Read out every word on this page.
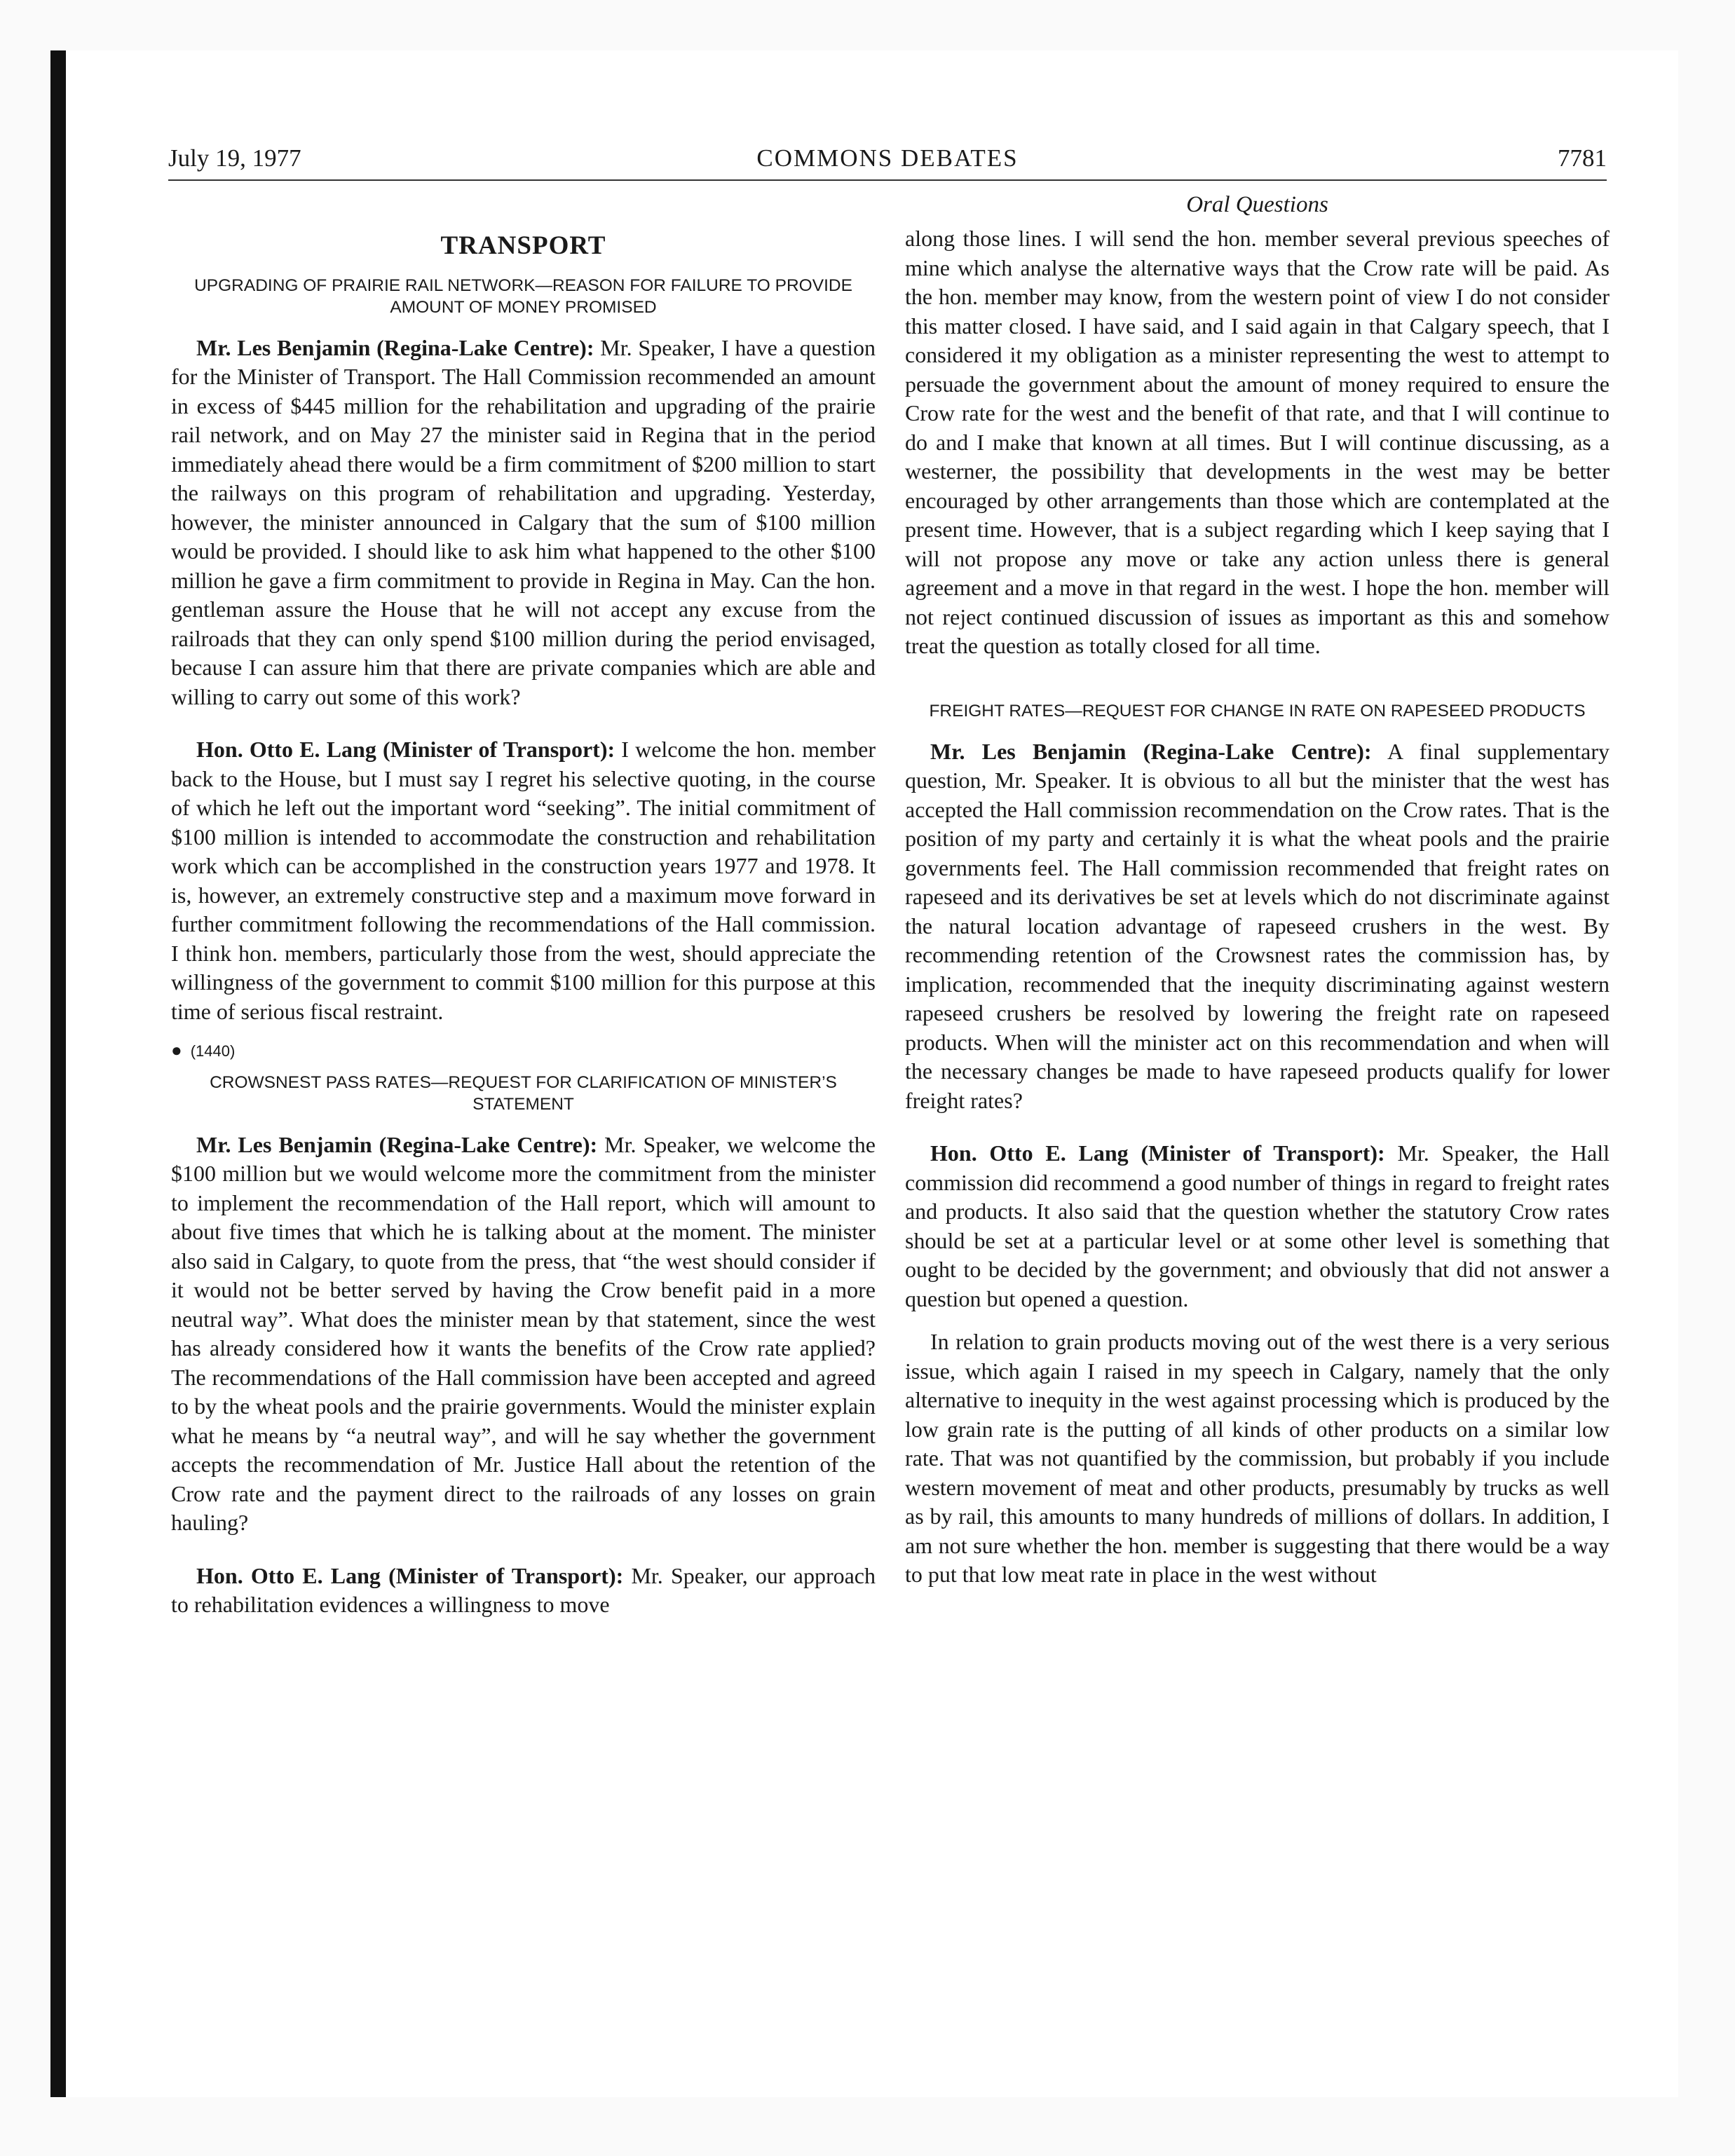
July 19, 1977	COMMONS DEBATES	7781
TRANSPORT
UPGRADING OF PRAIRIE RAIL NETWORK—REASON FOR FAILURE TO PROVIDE AMOUNT OF MONEY PROMISED

Mr. Les Benjamin (Regina-Lake Centre): Mr. Speaker, I have a question for the Minister of Transport. The Hall Commission recommended an amount in excess of $445 million for the rehabilitation and upgrading of the prairie rail network, and on May 27 the minister said in Regina that in the period immediately ahead there would be a firm commitment of $200 million to start the railways on this program of rehabilitation and upgrading. Yesterday, however, the minister announced in Calgary that the sum of $100 million would be provided. I should like to ask him what happened to the other $100 million he gave a firm commitment to provide in Regina in May. Can the hon. gentleman assure the House that he will not accept any excuse from the railroads that they can only spend $100 million during the period envisaged, because I can assure him that there are private companies which are able and willing to carry out some of this work?

Hon. Otto E. Lang (Minister of Transport): I welcome the hon. member back to the House, but I must say I regret his selective quoting, in the course of which he left out the important word “seeking”. The initial commitment of $100 million is intended to accommodate the construction and rehabilitation work which can be accomplished in the construction years 1977 and 1978. It is, however, an extremely constructive step and a maximum move forward in further commitment following the recommendations of the Hall commission. I think hon. members, particularly those from the west, should appreciate the willingness of the government to commit $100 million for this purpose at this time of serious fiscal restraint.

● (1440)
CROWSNEST PASS RATES—REQUEST FOR CLARIFICATION OF MINISTER’S STATEMENT

Mr. Les Benjamin (Regina-Lake Centre): Mr. Speaker, we welcome the $100 million but we would welcome more the commitment from the minister to implement the recommendation of the Hall report, which will amount to about five times that which he is talking about at the moment. The minister also said in Calgary, to quote from the press, that “the west should consider if it would not be better served by having the Crow benefit paid in a more neutral way”. What does the minister mean by that statement, since the west has already considered how it wants the benefits of the Crow rate applied? The recommendations of the Hall commission have been accepted and agreed to by the wheat pools and the prairie governments. Would the minister explain what he means by “a neutral way”, and will he say whether the government accepts the recommendation of Mr. Justice Hall about the retention of the Crow rate and the payment direct to the railroads of any losses on grain hauling?

Hon. Otto E. Lang (Minister of Transport): Mr. Speaker, our approach to rehabilitation evidences a willingness to move

Oral Questions

along those lines. I will send the hon. member several previous speeches of mine which analyse the alternative ways that the Crow rate will be paid. As the hon. member may know, from the western point of view I do not consider this matter closed. I have said, and I said again in that Calgary speech, that I considered it my obligation as a minister representing the west to attempt to persuade the government about the amount of money required to ensure the Crow rate for the west and the benefit of that rate, and that I will continue to do and I make that known at all times. But I will continue discussing, as a westerner, the possibility that developments in the west may be better encouraged by other arrangements than those which are contemplated at the present time. However, that is a subject regarding which I keep saying that I will not propose any move or take any action unless there is general agreement and a move in that regard in the west. I hope the hon. member will not reject continued discussion of issues as important as this and somehow treat the question as totally closed for all time.

FREIGHT RATES—REQUEST FOR CHANGE IN RATE ON RAPESEED PRODUCTS

Mr. Les Benjamin (Regina-Lake Centre): A final supplementary question, Mr. Speaker. It is obvious to all but the minister that the west has accepted the Hall commission recommendation on the Crow rates. That is the position of my party and certainly it is what the wheat pools and the prairie governments feel. The Hall commission recommended that freight rates on rapeseed and its derivatives be set at levels which do not discriminate against the natural location advantage of rapeseed crushers in the west. By recommending retention of the Crowsnest rates the commission has, by implication, recommended that the inequity discriminating against western rapeseed crushers be resolved by lowering the freight rate on rapeseed products. When will the minister act on this recommendation and when will the necessary changes be made to have rapeseed products qualify for lower freight rates?

Hon. Otto E. Lang (Minister of Transport): Mr. Speaker, the Hall commission did recommend a good number of things in regard to freight rates and products. It also said that the question whether the statutory Crow rates should be set at a particular level or at some other level is something that ought to be decided by the government; and obviously that did not answer a question but opened a question.

In relation to grain products moving out of the west there is a very serious issue, which again I raised in my speech in Calgary, namely that the only alternative to inequity in the west against processing which is produced by the low grain rate is the putting of all kinds of other products on a similar low rate. That was not quantified by the commission, but probably if you include western movement of meat and other products, presumably by trucks as well as by rail, this amounts to many hundreds of millions of dollars. In addition, I am not sure whether the hon. member is suggesting that there would be a way to put that low meat rate in place in the west without
